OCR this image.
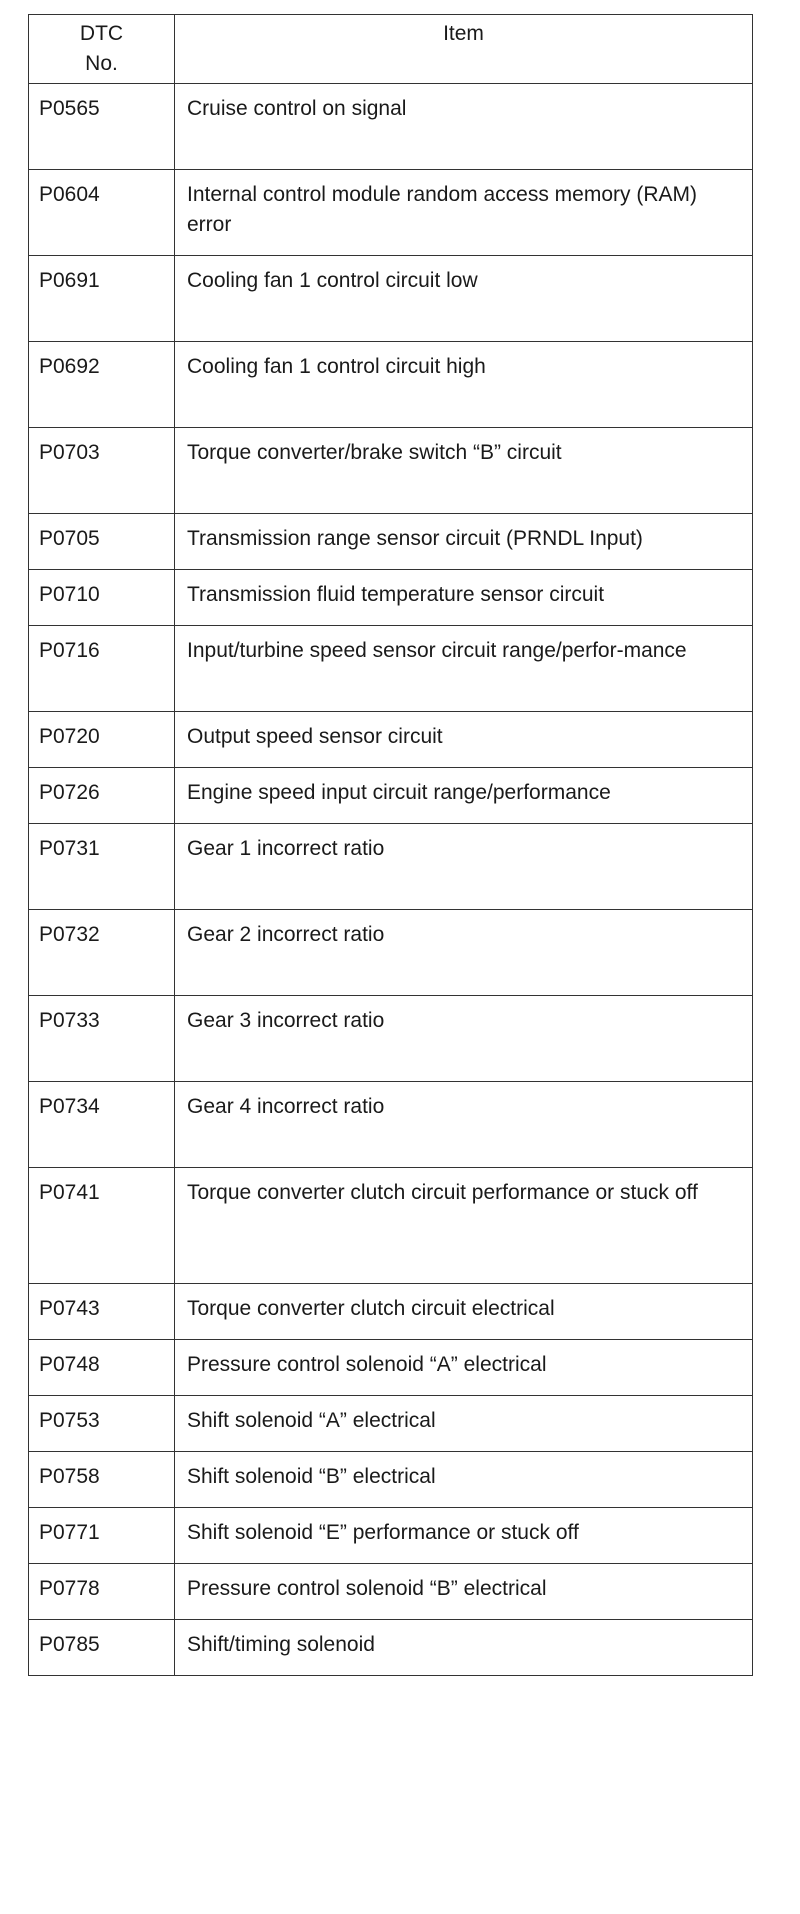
DTC
No.	Item
P0565	Cruise control on signal
P0604	Internal control module random access memory (RAM) error
P0691	Cooling fan 1 control circuit low
P0692	Cooling fan 1 control circuit high
P0703	Torque converter/brake switch “B” circuit
P0705	Transmission range sensor circuit (PRNDL Input)
P0710	Transmission fluid temperature sensor circuit
P0716	Input/turbine speed sensor circuit range/perfor-mance
P0720	Output speed sensor circuit
P0726	Engine speed input circuit range/performance
P0731	Gear 1 incorrect ratio
P0732	Gear 2 incorrect ratio
P0733	Gear 3 incorrect ratio
P0734	Gear 4 incorrect ratio
P0741	Torque converter clutch circuit performance or stuck off
P0743	Torque converter clutch circuit electrical
P0748	Pressure control solenoid “A” electrical
P0753	Shift solenoid “A” electrical
P0758	Shift solenoid “B” electrical
P0771	Shift solenoid “E” performance or stuck off
P0778	Pressure control solenoid “B” electrical
P0785	Shift/timing solenoid
